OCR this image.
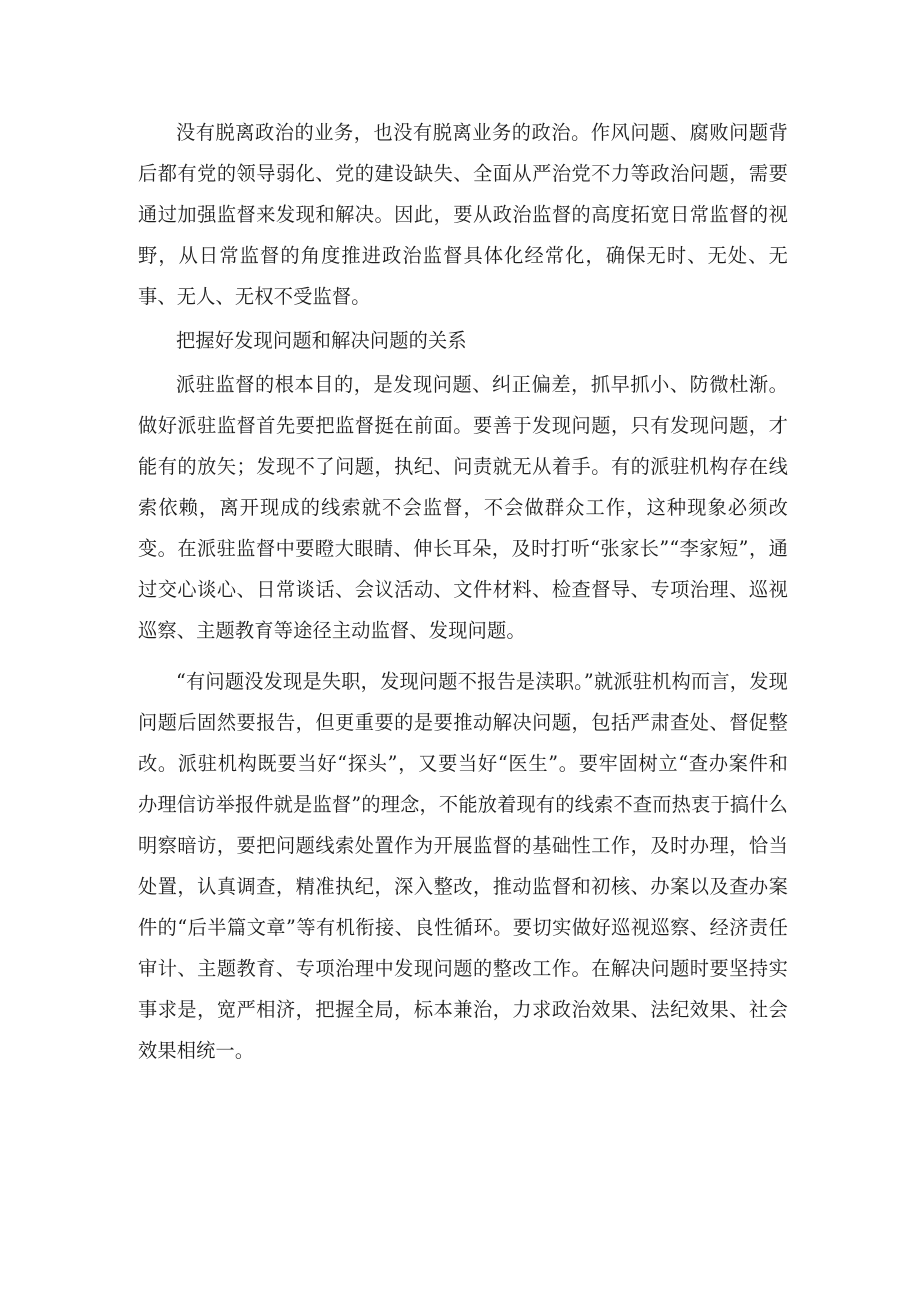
没有脱离政治的业务，也没有脱离业务的政治。作风问题、腐败问题背后都有党的领导弱化、党的建设缺失、全面从严治党不力等政治问题，需要通过加强监督来发现和解决。因此，要从政治监督的高度拓宽日常监督的视野，从日常监督的角度推进政治监督具体化经常化，确保无时、无处、无事、无人、无权不受监督。

把握好发现问题和解决问题的关系

派驻监督的根本目的，是发现问题、纠正偏差，抓早抓小、防微杜渐。做好派驻监督首先要把监督挺在前面。要善于发现问题，只有发现问题，才能有的放矢；发现不了问题，执纪、问责就无从着手。有的派驻机构存在线索依赖，离开现成的线索就不会监督，不会做群众工作，这种现象必须改变。在派驻监督中要瞪大眼睛、伸长耳朵，及时打听“张家长”“李家短”，通过交心谈心、日常谈话、会议活动、文件材料、检查督导、专项治理、巡视巡察、主题教育等途径主动监督、发现问题。

“有问题没发现是失职，发现问题不报告是渎职。”就派驻机构而言，发现问题后固然要报告，但更重要的是要推动解决问题，包括严肃查处、督促整改。派驻机构既要当好“探头”，又要当好“医生”。要牢固树立“查办案件和办理信访举报件就是监督”的理念，不能放着现有的线索不查而热衷于搞什么明察暗访，要把问题线索处置作为开展监督的基础性工作，及时办理，恰当处置，认真调查，精准执纪，深入整改，推动监督和初核、办案以及查办案件的“后半篇文章”等有机衔接、良性循环。要切实做好巡视巡察、经济责任审计、主题教育、专项治理中发现问题的整改工作。在解决问题时要坚持实事求是，宽严相济，把握全局，标本兼治，力求政治效果、法纪效果、社会效果相统一。
